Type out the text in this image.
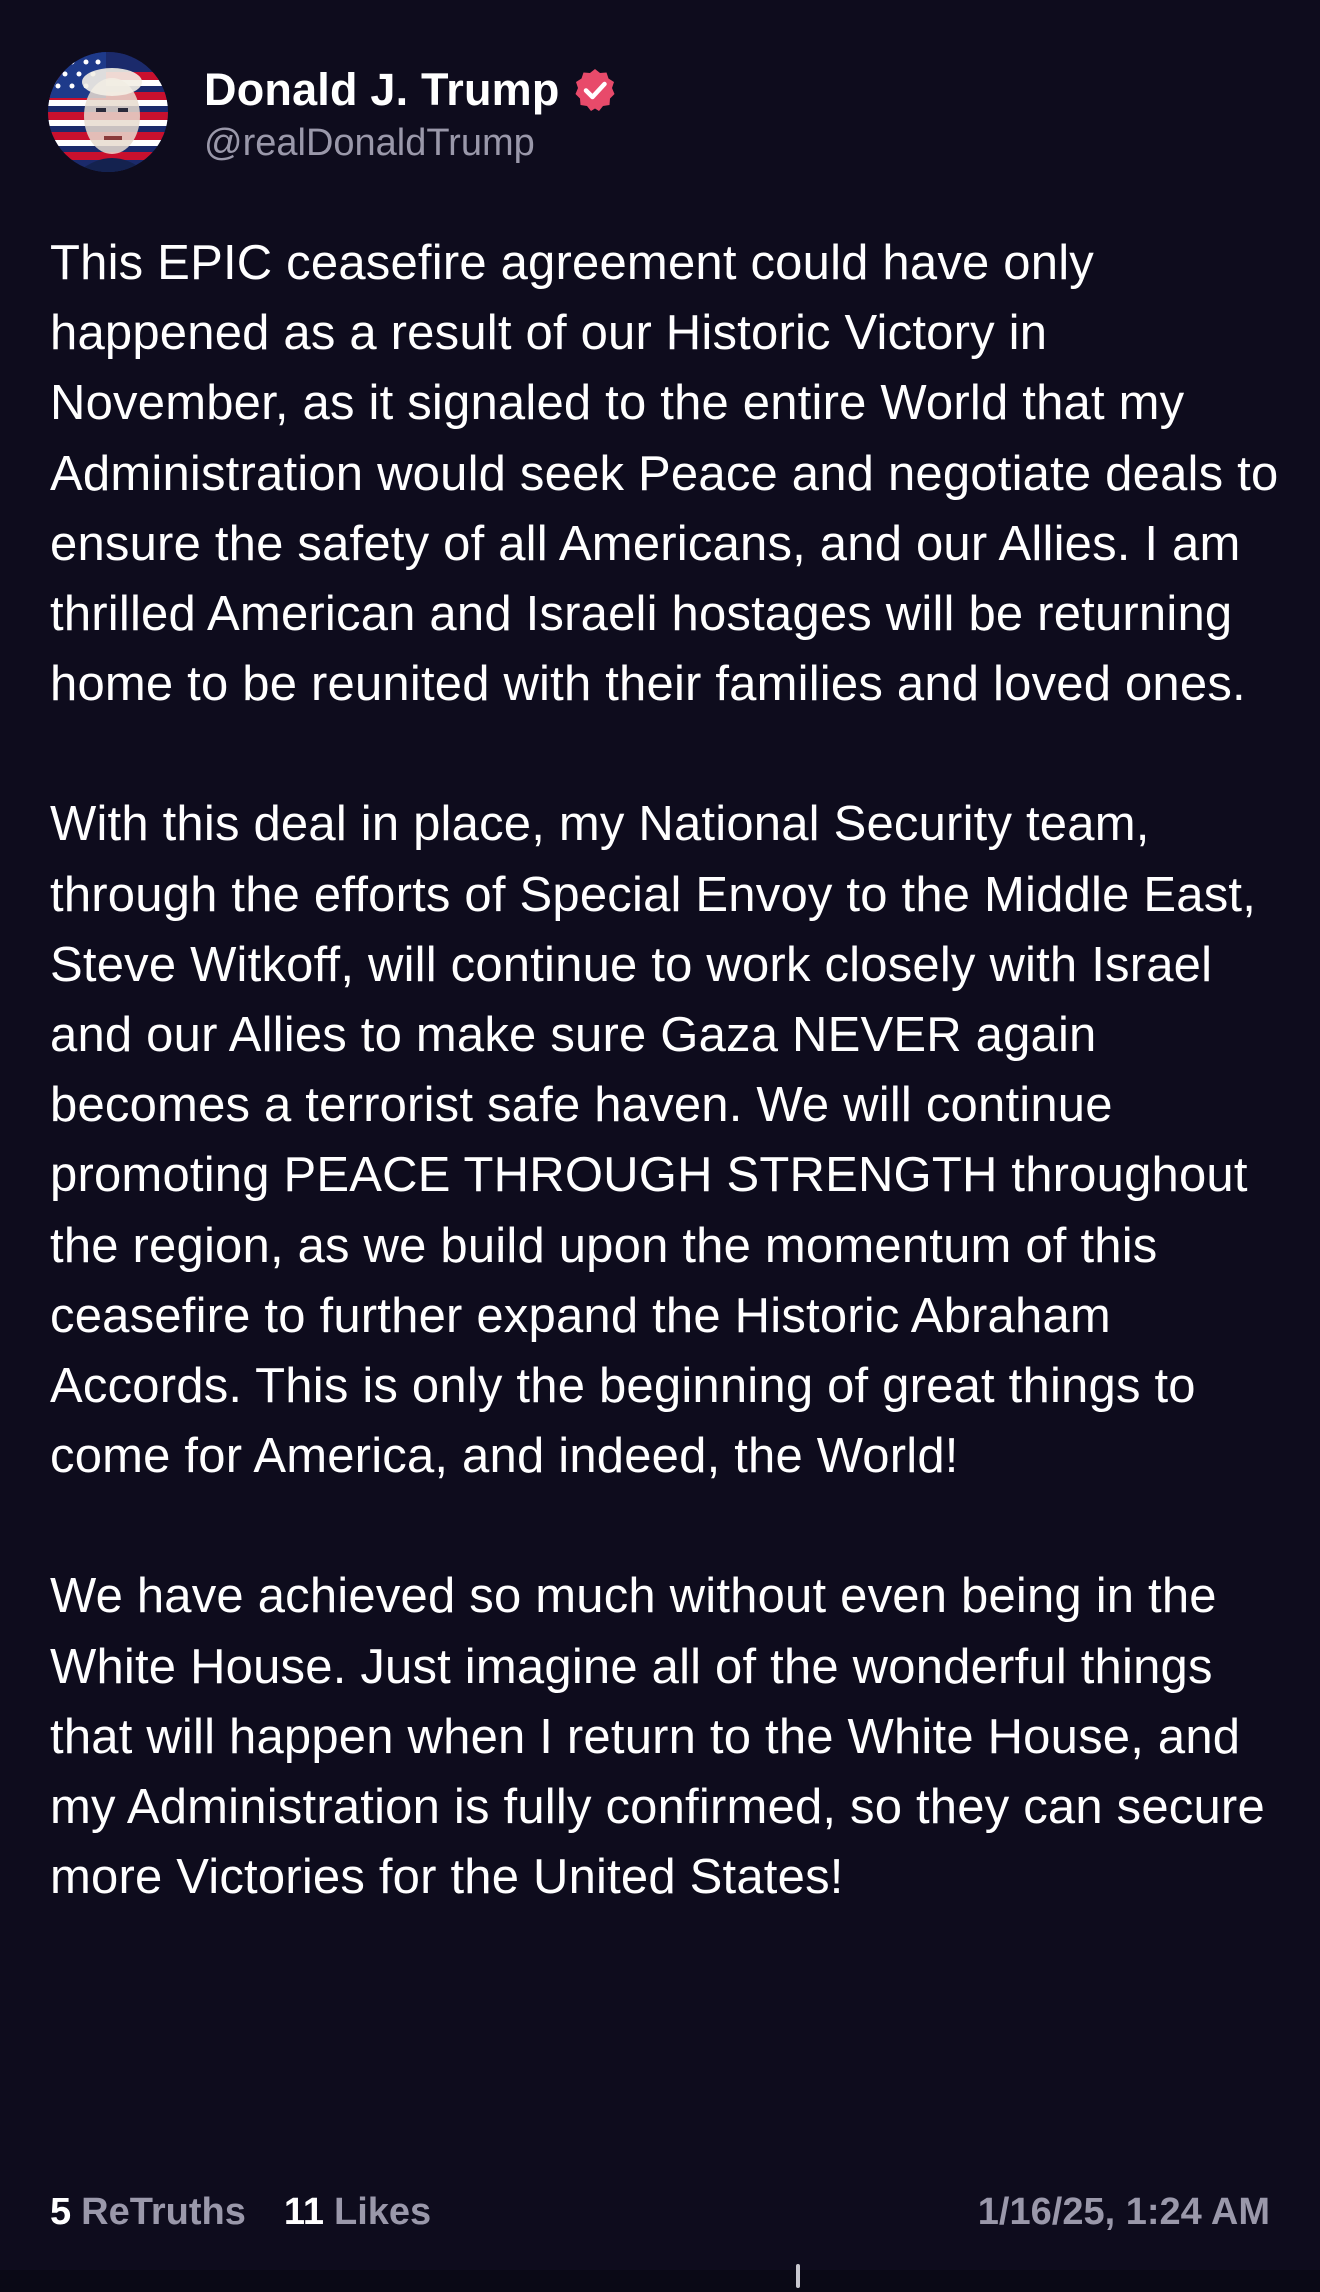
Donald J. Trump
@realDonaldTrump

This EPIC ceasefire agreement could have only happened as a result of our Historic Victory in November, as it signaled to the entire World that my Administration would seek Peace and negotiate deals to ensure the safety of all Americans, and our Allies. I am thrilled American and Israeli hostages will be returning home to be reunited with their families and loved ones.

With this deal in place, my National Security team, through the efforts of Special Envoy to the Middle East, Steve Witkoff, will continue to work closely with Israel and our Allies to make sure Gaza NEVER again becomes a terrorist safe haven. We will continue promoting PEACE THROUGH STRENGTH throughout the region, as we build upon the momentum of this ceasefire to further expand the Historic Abraham Accords. This is only the beginning of great things to come for America, and indeed, the World!

We have achieved so much without even being in the White House. Just imagine all of the wonderful things that will happen when I return to the White House, and my Administration is fully confirmed, so they can secure more Victories for the United States!

5 ReTruths 11 Likes	1/16/25, 1:24 AM
